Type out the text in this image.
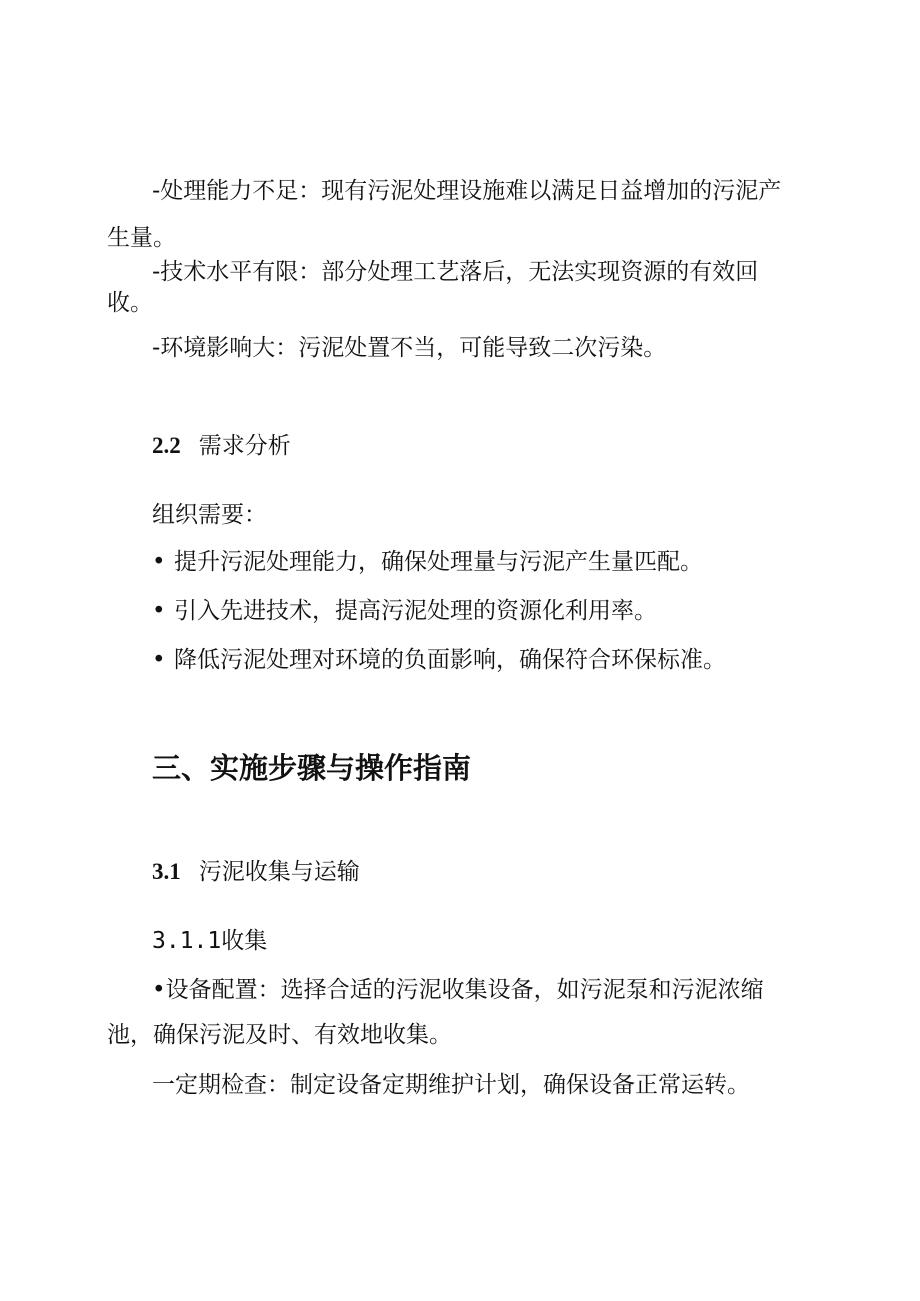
-处理能力不足：现有污泥处理设施难以满足日益增加的污泥产
生量。
-技术水平有限：部分处理工艺落后，无法实现资源的有效回
收。
-环境影响大：污泥处置不当，可能导致二次污染。
2.2 需求分析
组织需要：
• 提升污泥处理能力，确保处理量与污泥产生量匹配。
• 引入先进技术，提高污泥处理的资源化利用率。
• 降低污泥处理对环境的负面影响，确保符合环保标准。
三、实施步骤与操作指南
3.1 污泥收集与运输
3.1.1收集
•设备配置：选择合适的污泥收集设备，如污泥泵和污泥浓缩
池，确保污泥及时、有效地收集。
一定期检查：制定设备定期维护计划，确保设备正常运转。
